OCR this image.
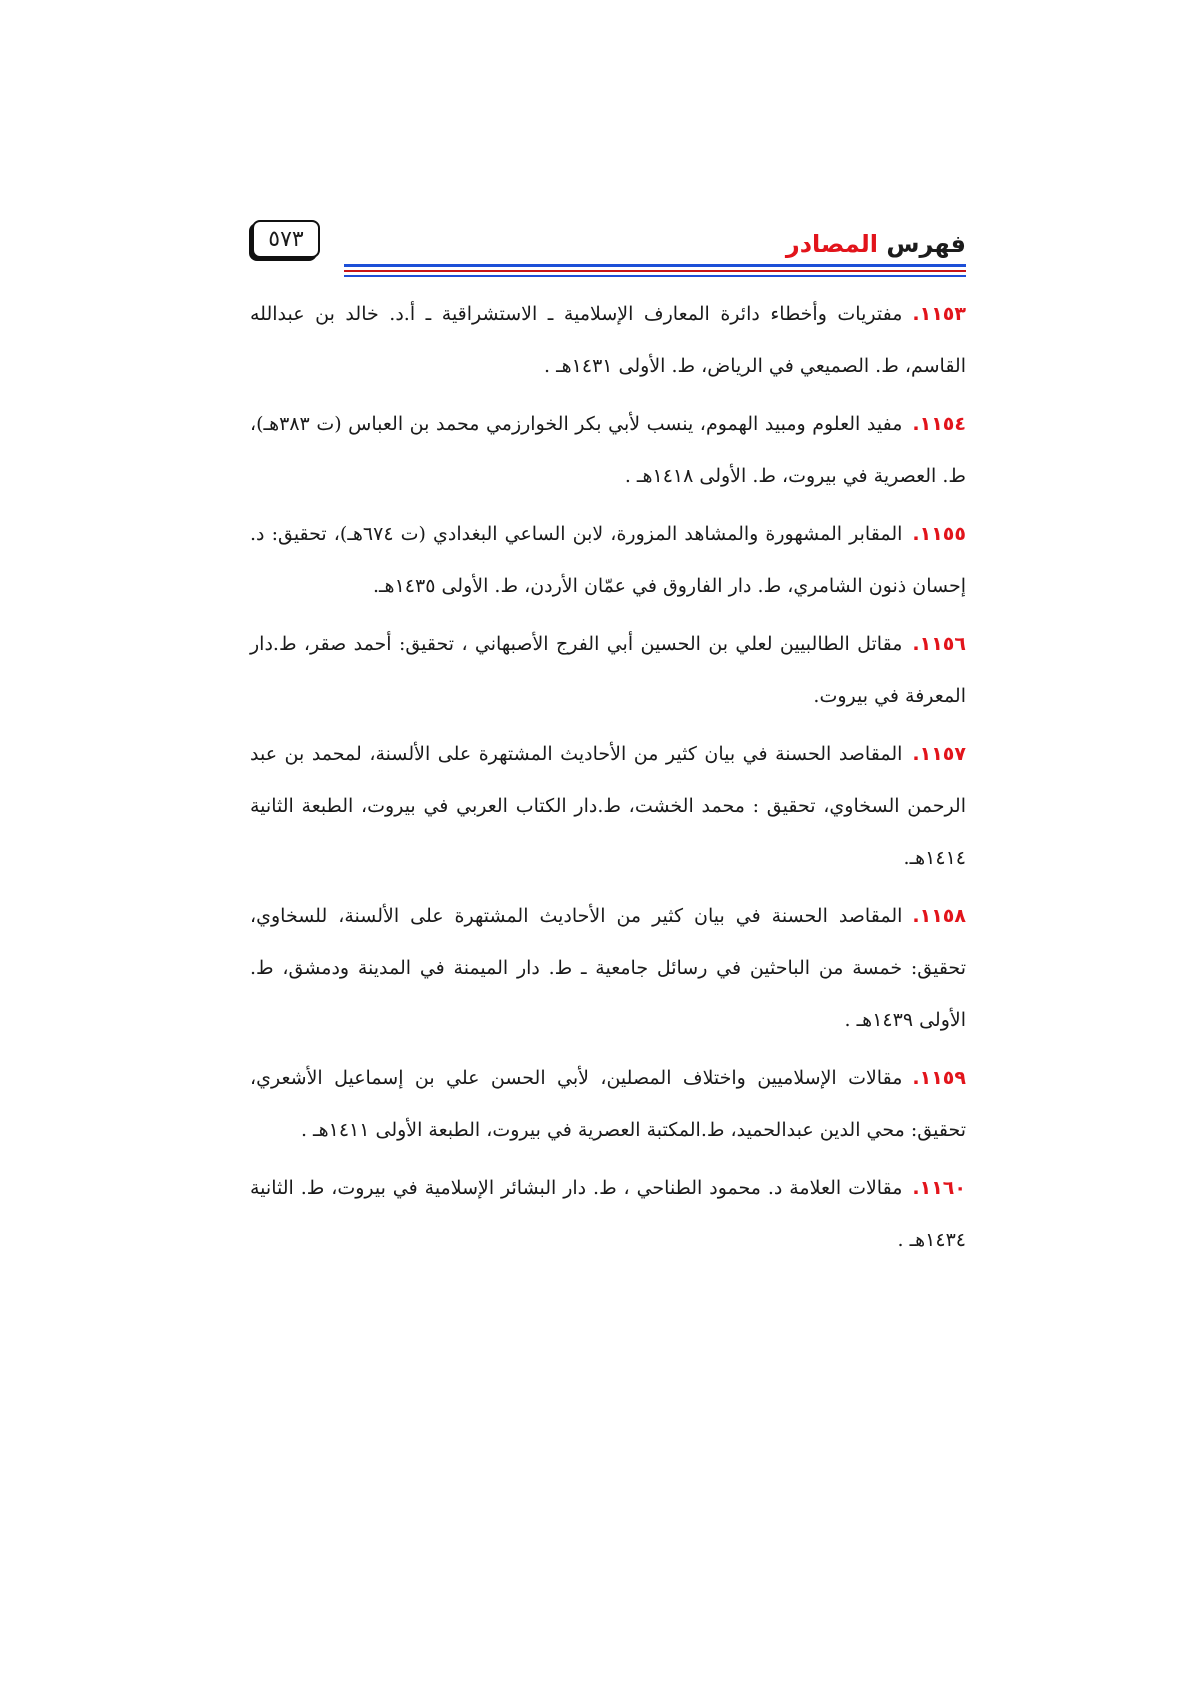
٥٧٣	فهرس المصادر

١١٥٣.مفتريات وأخطاء دائرة المعارف الإسلامية ـ الاستشراقية ـ أ.د. خالد بن عبدالله القاسم، ط. الصميعي في الرياض، ط. الأولى ١٤٣١هـ .

١١٥٤.مفيد العلوم ومبيد الهموم، ينسب لأبي بكر الخوارزمي محمد بن العباس (ت ٣٨٣هـ)، ط. العصرية في بيروت، ط. الأولى ١٤١٨هـ .

١١٥٥.المقابر المشهورة والمشاهد المزورة، لابن الساعي البغدادي (ت ٦٧٤هـ)، تحقيق: د. إحسان ذنون الشامري، ط. دار الفاروق في عمّان الأردن، ط. الأولى ١٤٣٥هـ.

١١٥٦.مقاتل الطالبيين لعلي بن الحسين أبي الفرج الأصبهاني ، تحقيق: أحمد صقر، ط.دار المعرفة في بيروت.

١١٥٧.المقاصد الحسنة في بيان كثير من الأحاديث المشتهرة على الألسنة، لمحمد بن عبد الرحمن السخاوي، تحقيق : محمد الخشت، ط.دار الكتاب العربي في بيروت، الطبعة الثانية ١٤١٤هـ.

١١٥٨.المقاصد الحسنة في بيان كثير من الأحاديث المشتهرة على الألسنة، للسخاوي، تحقيق: خمسة من الباحثين في رسائل جامعية ـ ط. دار الميمنة في المدينة ودمشق، ط. الأولى ١٤٣٩هـ .

١١٥٩.مقالات الإسلاميين واختلاف المصلين، لأبي الحسن علي بن إسماعيل الأشعري، تحقيق: محي الدين عبدالحميد، ط.المكتبة العصرية في بيروت، الطبعة الأولى ١٤١١هـ .

١١٦٠.مقالات العلامة د. محمود الطناحي ، ط. دار البشائر الإسلامية في بيروت، ط. الثانية ١٤٣٤هـ .
